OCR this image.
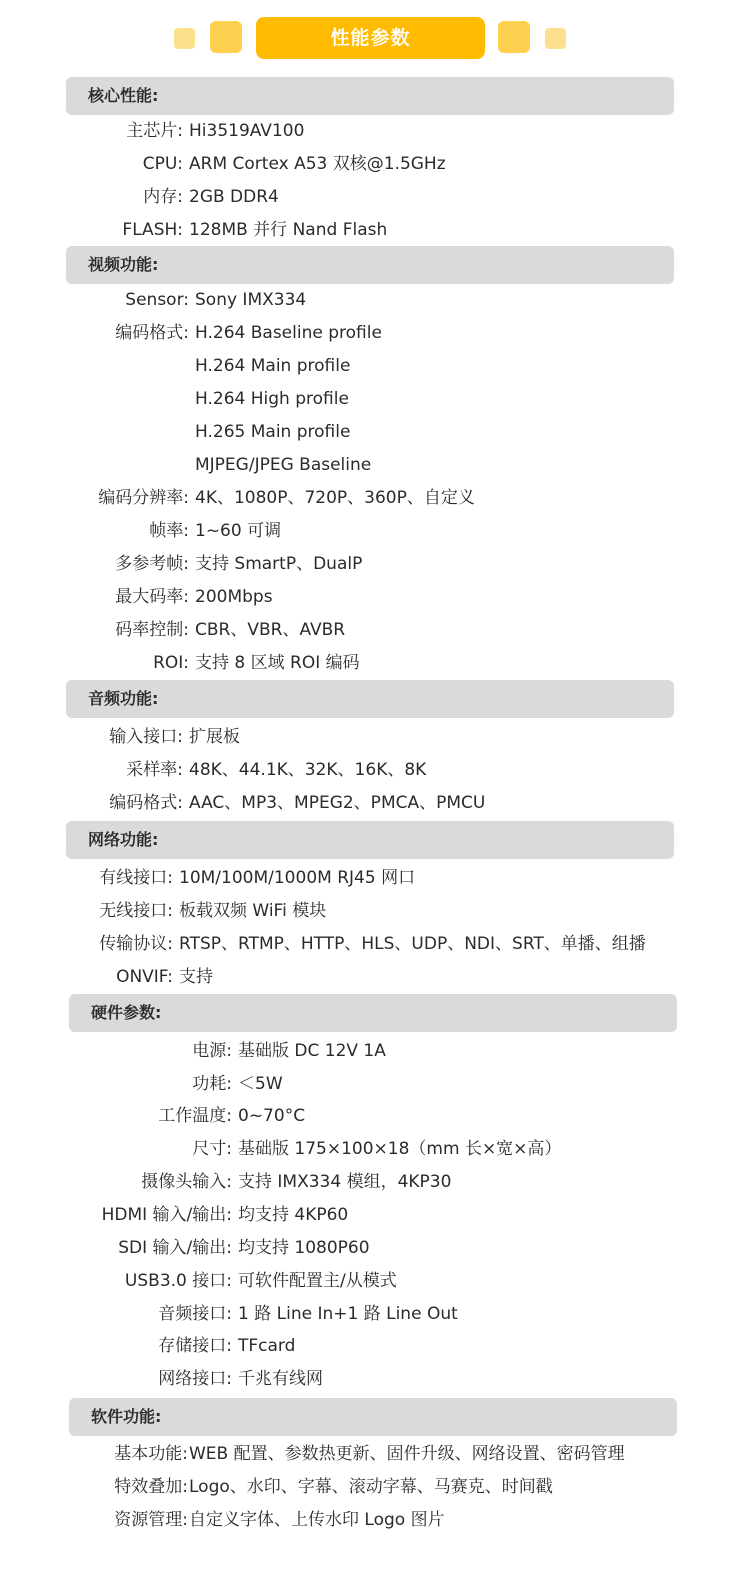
性能参数
核心性能:
主芯片: Hi3519AV100
CPU: ARM Cortex A53 双核@1.5GHz
内存: 2GB DDR4
FLASH: 128MB 并行 Nand Flash
视频功能:
Sensor: Sony IMX334
编码格式: H.264 Baseline profile
H.264 Main profile
H.264 High profile
H.265 Main profile
MJPEG/JPEG Baseline
编码分辨率: 4K、1080P、720P、360P、自定义
帧率: 1~60 可调
多参考帧: 支持 SmartP、DualP
最大码率: 200Mbps
码率控制: CBR、VBR、AVBR
ROI: 支持 8 区域 ROI 编码
音频功能:
输入接口: 扩展板
采样率: 48K、44.1K、32K、16K、8K
编码格式: AAC、MP3、MPEG2、PMCA、PMCU
网络功能:
有线接口: 10M/100M/1000M RJ45 网口
无线接口: 板载双频 WiFi 模块
传输协议: RTSP、RTMP、HTTP、HLS、UDP、NDI、SRT、单播、组播
ONVIF: 支持
硬件参数:
电源: 基础版 DC 12V 1A
功耗: ＜5W
工作温度: 0~70°C
尺寸: 基础版 175×100×18（mm 长×宽×高）
摄像头输入: 支持 IMX334 模组，4KP30
HDMI 输入/输出: 均支持 4KP60
SDI 输入/输出: 均支持 1080P60
USB3.0 接口: 可软件配置主/从模式
音频接口: 1 路 Line In+1 路 Line Out
存储接口: TFcard
网络接口: 千兆有线网
软件功能:
基本功能: WEB 配置、参数热更新、固件升级、网络设置、密码管理
特效叠加: Logo、水印、字幕、滚动字幕、马赛克、时间戳
资源管理: 自定义字体、上传水印 Logo 图片
